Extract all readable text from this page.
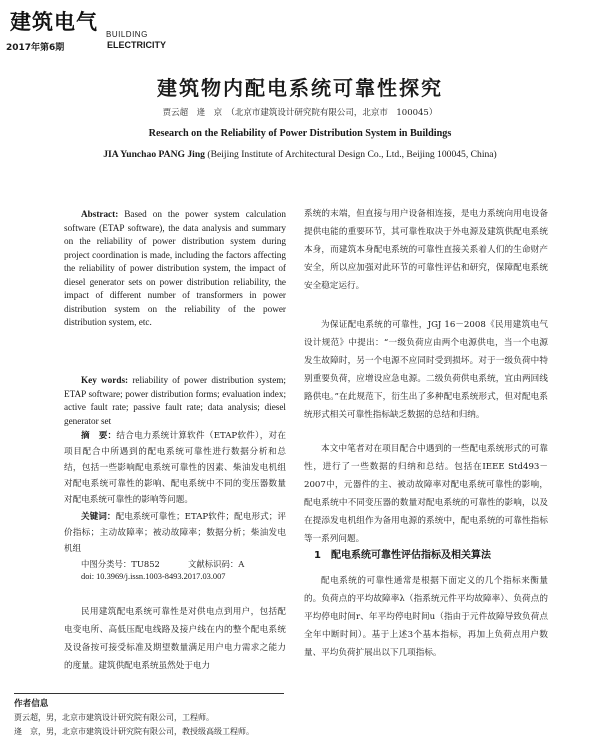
建筑电气
BUILDING
2017年第6期	ELECTRICITY
建筑物内配电系统可靠性探究
贾云超　逄　京　（北京市建筑设计研究院有限公司，北京市　100045）
Research on the Reliability of Power Distribution System in Buildings
JIA Yunchao PANG Jing (Beijing Institute of Architectural Design Co., Ltd., Beijing 100045, China)
Abstract: Based on the power system calculation software (ETAP software), the data analysis and summary on the reliability of power distribution system during project coordination is made, including the factors affecting the reliability of power distribution system, the impact of diesel generator sets on power distribution reliability, the impact of different number of transformers in power distribution system on the reliability of the power distribution system, etc.
Key words: reliability of power distribution system; ETAP software; power distribution forms; evaluation index; active fault rate; passive fault rate; data analysis; diesel generator set
摘　要：结合电力系统计算软件（ETAP软件），对在项目配合中所遇到的配电系统可靠性进行数据分析和总结，包括一些影响配电系统可靠性的因素、柴油发电机组对配电系统可靠性的影响、配电系统中不同的变压器数量对配电系统可靠性的影响等问题。
关键词：配电系统可靠性；ETAP软件；配电形式；评价指标；主动故障率；被动故障率；数据分析；柴油发电机组
中图分类号：TU852	文献标识码：A
doi: 10.3969/j.issn.1003-8493.2017.03.007
民用建筑配电系统可靠性是对供电点到用户，包括配电变电所、高低压配电线路及接户线在内的整个配电系统及设备按可接受标准及期望数量满足用户电力需求之能力的度量。建筑供配电系统虽然处于电力
作者信息
贾云超，男，北京市建筑设计研究院有限公司，工程师。
逄　京，男，北京市建筑设计研究院有限公司，教授级高级工程师。
系统的末端，但直接与用户设备相连接，是电力系统向用电设备提供电能的重要环节，其可靠性取决于外电源及建筑供配电系统本身，而建筑本身配电系统的可靠性直接关系着人们的生命财产安全，所以应加强对此环节的可靠性评估和研究，保障配电系统安全稳定运行。
为保证配电系统的可靠性，JGJ 16－2008《民用建筑电气设计规范》中提出：“一级负荷应由两个电源供电，当一个电源发生故障时，另一个电源不应同时受到损坏。对于一级负荷中特别重要负荷，应增设应急电源。二级负荷供电系统，宜由两回线路供电。”在此规范下，衍生出了多种配电系统形式，但对配电系统形式相关可靠性指标缺乏数据的总结和归纳。
本文中笔者对在项目配合中遇到的一些配电系统形式的可靠性，进行了一些数据的归纳和总结。包括在IEEE Std493－2007中，元器件的主、被动故障率对配电系统可靠性的影响，配电系统中不同变压器的数量对配电系统的可靠性的影响，以及在提添发电机组作为备用电源的系统中，配电系统的可靠性指标等一系列问题。
1　配电系统可靠性评估指标及相关算法
配电系统的可靠性通常是根据下面定义的几个指标来衡量的。负荷点的平均故障率λ（指系统元件平均故障率）、负荷点的平均停电时间r、年平均停电时间u（指由于元件故障导致负荷点全年中断时间）。基于上述3个基本指标，再加上负荷点用户数量、平均负荷扩展出以下几项指标。
